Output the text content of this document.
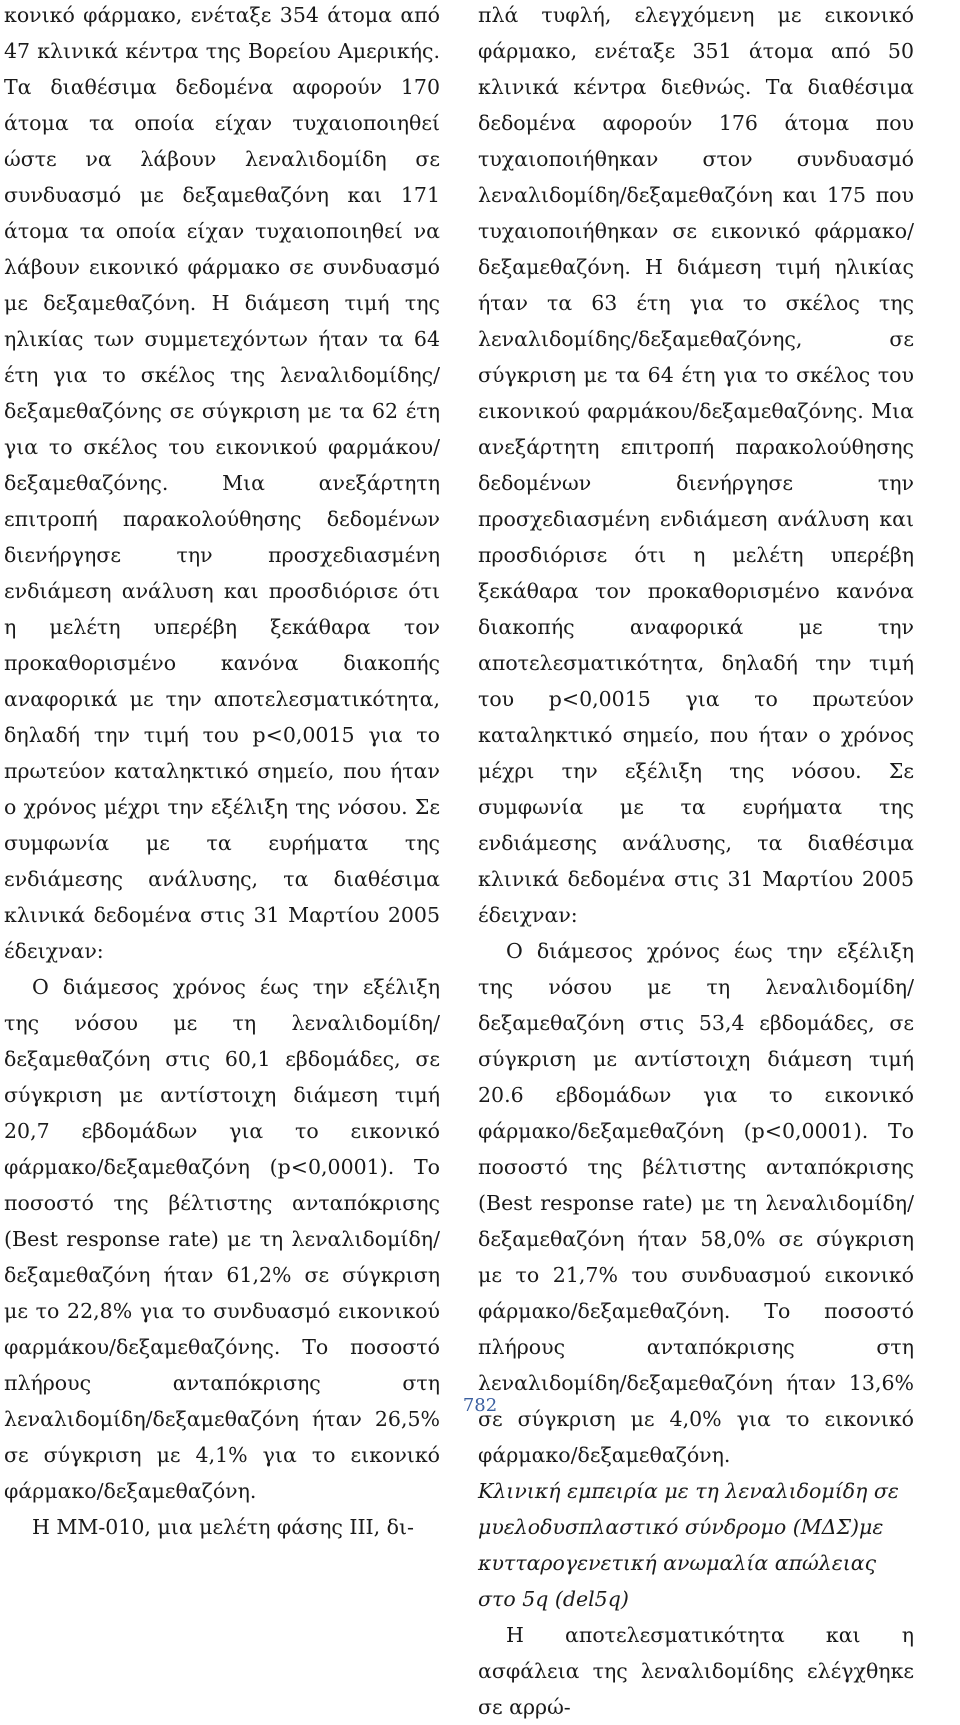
κονικό φάρμακο, ενέταξε 354 άτομα από 47 κλινικά κέντρα της Βορείου Αμερικής. Τα διαθέσιμα δεδομένα αφορούν 170 άτομα τα οποία είχαν τυχαιοποιηθεί ώστε να λάβουν λεναλιδομίδη σε συνδυασμό με δεξαμεθαζόνη και 171 άτομα τα οποία είχαν τυχαιοποιηθεί να λάβουν εικονικό φάρμακο σε συνδυασμό με δεξαμεθαζόνη. Η διάμεση τιμή της ηλικίας των συμμετεχόντων ήταν τα 64 έτη για το σκέλος της λεναλιδομίδης/δεξαμεθαζόνης σε σύγκριση με τα 62 έτη για το σκέλος του εικονικού φαρμάκου/δεξαμεθαζόνης. Μια ανεξάρτητη επιτροπή παρακολούθησης δεδομένων διενήργησε την προσχεδιασμένη ενδιάμεση ανάλυση και προσδιόρισε ότι η μελέτη υπερέβη ξεκάθαρα τον προκαθορισμένο κανόνα διακοπής αναφορικά με την αποτελεσματικότητα, δηλαδή την τιμή του p<0,0015 για το πρωτεύον καταληκτικό σημείο, που ήταν ο χρόνος μέχρι την εξέλιξη της νόσου. Σε συμφωνία με τα ευρήματα της ενδιάμεσης ανάλυσης, τα διαθέσιμα κλινικά δεδομένα στις 31 Μαρτίου 2005 έδειχναν:

Ο διάμεσος χρόνος έως την εξέλιξη της νόσου με τη λεναλιδομίδη/δεξαμεθαζόνη στις 60,1 εβδομάδες, σε σύγκριση με αντίστοιχη διάμεση τιμή 20,7 εβδομάδων για το εικονικό φάρμακο/δεξαμεθαζόνη (p<0,0001). Το ποσοστό της βέλτιστης ανταπόκρισης (Best response rate) με τη λεναλιδομίδη/δεξαμεθαζόνη ήταν 61,2% σε σύγκριση με το 22,8% για το συνδυασμό εικονικού φαρμάκου/δεξαμεθαζόνης. Το ποσοστό πλήρους ανταπόκρισης στη λεναλιδομίδη/δεξαμεθαζόνη ήταν 26,5% σε σύγκριση με 4,1% για το εικονικό φάρμακο/δεξαμεθαζόνη.

Η ΜΜ-010, μια μελέτη φάσης ΙΙΙ, δι-

πλά τυφλή, ελεγχόμενη με εικονικό φάρμακο, ενέταξε 351 άτομα από 50 κλινικά κέντρα διεθνώς. Τα διαθέσιμα δεδομένα αφορούν 176 άτομα που τυχαιοποιήθηκαν στον συνδυασμό λεναλιδομίδη/δεξαμεθαζόνη και 175 που τυχαιοποιήθηκαν σε εικονικό φάρμακο/δεξαμεθαζόνη. Η διάμεση τιμή ηλικίας ήταν τα 63 έτη για το σκέλος της λεναλιδομίδης/δεξαμεθαζόνης, σε σύγκριση με τα 64 έτη για το σκέλος του εικονικού φαρμάκου/δεξαμεθαζόνης. Μια ανεξάρτητη επιτροπή παρακολούθησης δεδομένων διενήργησε την προσχεδιασμένη ενδιάμεση ανάλυση και προσδιόρισε ότι η μελέτη υπερέβη ξεκάθαρα τον προκαθορισμένο κανόνα διακοπής αναφορικά με την αποτελεσματικότητα, δηλαδή την τιμή του p<0,0015 για το πρωτεύον καταληκτικό σημείο, που ήταν ο χρόνος μέχρι την εξέλιξη της νόσου. Σε συμφωνία με τα ευρήματα της ενδιάμεσης ανάλυσης, τα διαθέσιμα κλινικά δεδομένα στις 31 Μαρτίου 2005 έδειχναν:

Ο διάμεσος χρόνος έως την εξέλιξη της νόσου με τη λεναλιδομίδη/δεξαμεθαζόνη στις 53,4 εβδομάδες, σε σύγκριση με αντίστοιχη διάμεση τιμή 20.6 εβδομάδων για το εικονικό φάρμακο/δεξαμεθαζόνη (p<0,0001). Το ποσοστό της βέλτιστης ανταπόκρισης (Best response rate) με τη λεναλιδομίδη/δεξαμεθαζόνη ήταν 58,0% σε σύγκριση με το 21,7% του συνδυασμού εικονικό φάρμακο/δεξαμεθαζόνη. Το ποσοστό πλήρους ανταπόκρισης στη λεναλιδομίδη/δεξαμεθαζόνη ήταν 13,6% σε σύγκριση με 4,0% για το εικονικό φάρμακο/δεξαμεθαζόνη.

Κλινική εμπειρία με τη λεναλιδομίδη σε μυελοδυσπλαστικό σύνδρομο (ΜΔΣ)με κυτταρογενετική ανωμαλία απώλειας στο 5q (del5q)

Η αποτελεσματικότητα και η ασφάλεια της λεναλιδομίδης ελέγχθηκε σε αρρώ-

782
